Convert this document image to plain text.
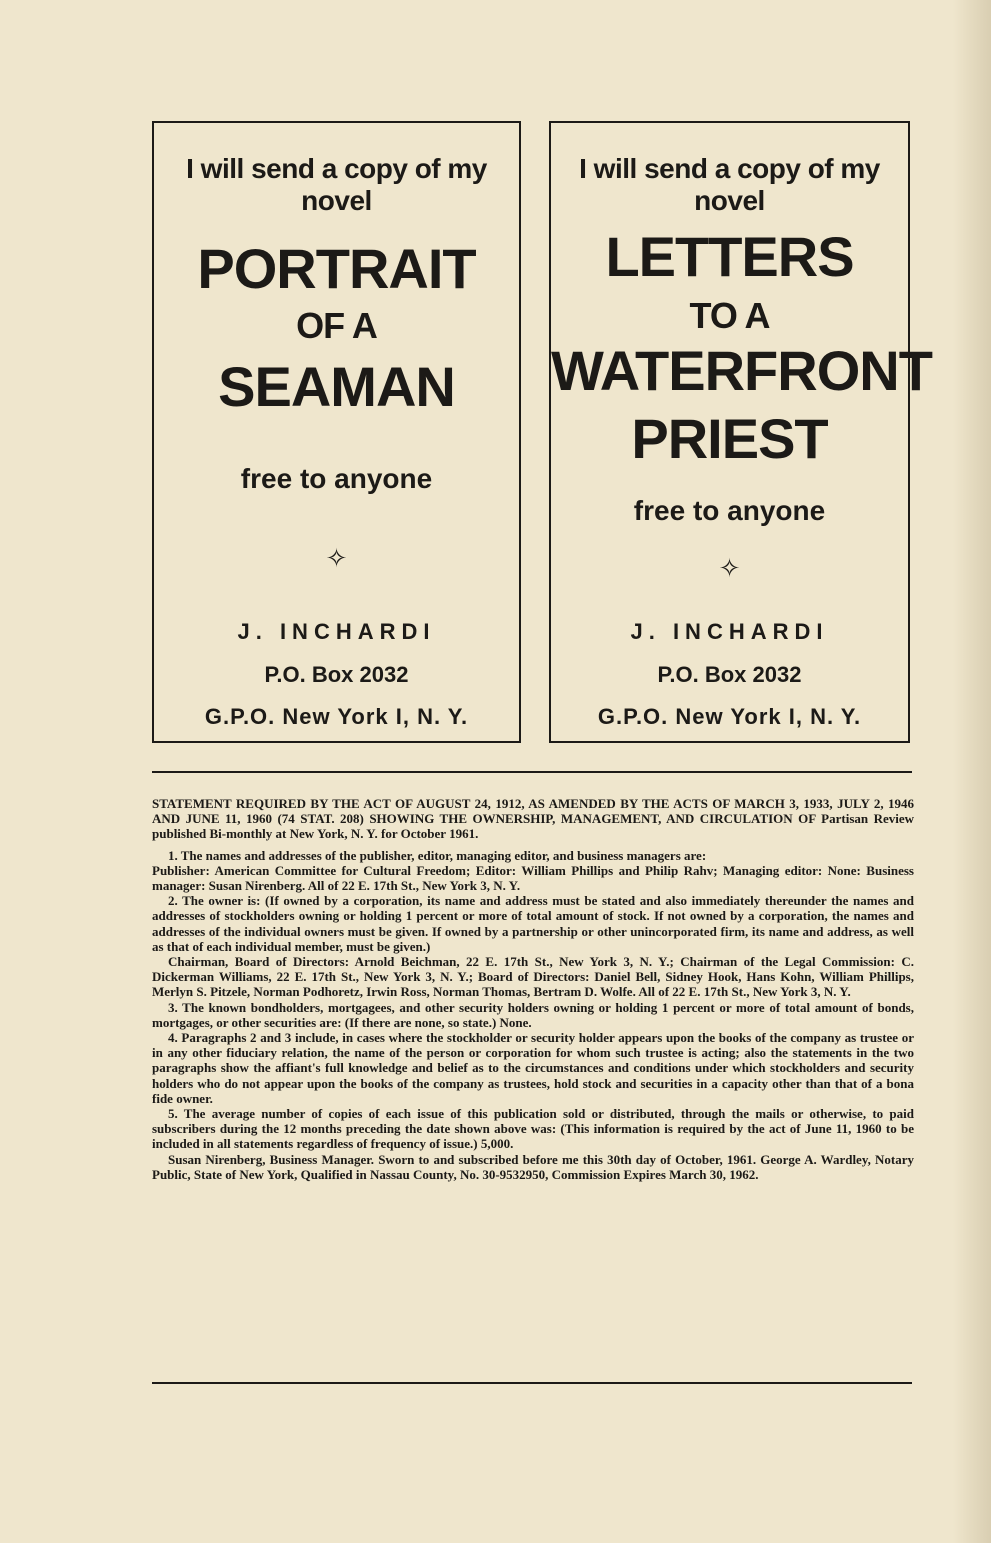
I will send a copy of my novel
PORTRAIT
OF A
SEAMAN
free to anyone
✧
J. INCHARDI
P.O. Box 2032
G.P.O. New York I, N. Y.
I will send a copy of my novel
LETTERS
TO A
WATERFRONT
PRIEST
free to anyone
✧
J. INCHARDI
P.O. Box 2032
G.P.O. New York I, N. Y.

STATEMENT REQUIRED BY THE ACT OF AUGUST 24, 1912, AS AMENDED BY THE ACTS OF MARCH 3, 1933, JULY 2, 1946 AND JUNE 11, 1960 (74 STAT. 208) SHOWING THE OWNERSHIP, MANAGEMENT, AND CIRCULATION OF Partisan Review published Bi-monthly at New York, N. Y. for October 1961.

1. The names and addresses of the publisher, editor, managing editor, and business managers are:

Publisher: American Committee for Cultural Freedom; Editor: William Phillips and Philip Rahv; Managing editor: None: Business manager: Susan Nirenberg. All of 22 E. 17th St., New York 3, N. Y.

2. The owner is: (If owned by a corporation, its name and address must be stated and also immediately thereunder the names and addresses of stockholders owning or holding 1 percent or more of total amount of stock. If not owned by a corporation, the names and addresses of the individual owners must be given. If owned by a partnership or other unincorporated firm, its name and address, as well as that of each individual member, must be given.)

Chairman, Board of Directors: Arnold Beichman, 22 E. 17th St., New York 3, N. Y.; Chairman of the Legal Commission: C. Dickerman Williams, 22 E. 17th St., New York 3, N. Y.; Board of Directors: Daniel Bell, Sidney Hook, Hans Kohn, William Phillips, Merlyn S. Pitzele, Norman Podhoretz, Irwin Ross, Norman Thomas, Bertram D. Wolfe. All of 22 E. 17th St., New York 3, N. Y.

3. The known bondholders, mortgagees, and other security holders owning or holding 1 percent or more of total amount of bonds, mortgages, or other securities are: (If there are none, so state.) None.

4. Paragraphs 2 and 3 include, in cases where the stockholder or security holder appears upon the books of the company as trustee or in any other fiduciary relation, the name of the person or corporation for whom such trustee is acting; also the statements in the two paragraphs show the affiant's full knowledge and belief as to the circumstances and conditions under which stockholders and security holders who do not appear upon the books of the company as trustees, hold stock and securities in a capacity other than that of a bona fide owner.

5. The average number of copies of each issue of this publication sold or distributed, through the mails or otherwise, to paid subscribers during the 12 months preceding the date shown above was: (This information is required by the act of June 11, 1960 to be included in all statements regardless of frequency of issue.) 5,000.

Susan Nirenberg, Business Manager. Sworn to and subscribed before me this 30th day of October, 1961. George A. Wardley, Notary Public, State of New York, Qualified in Nassau County, No. 30-9532950, Commission Expires March 30, 1962.
